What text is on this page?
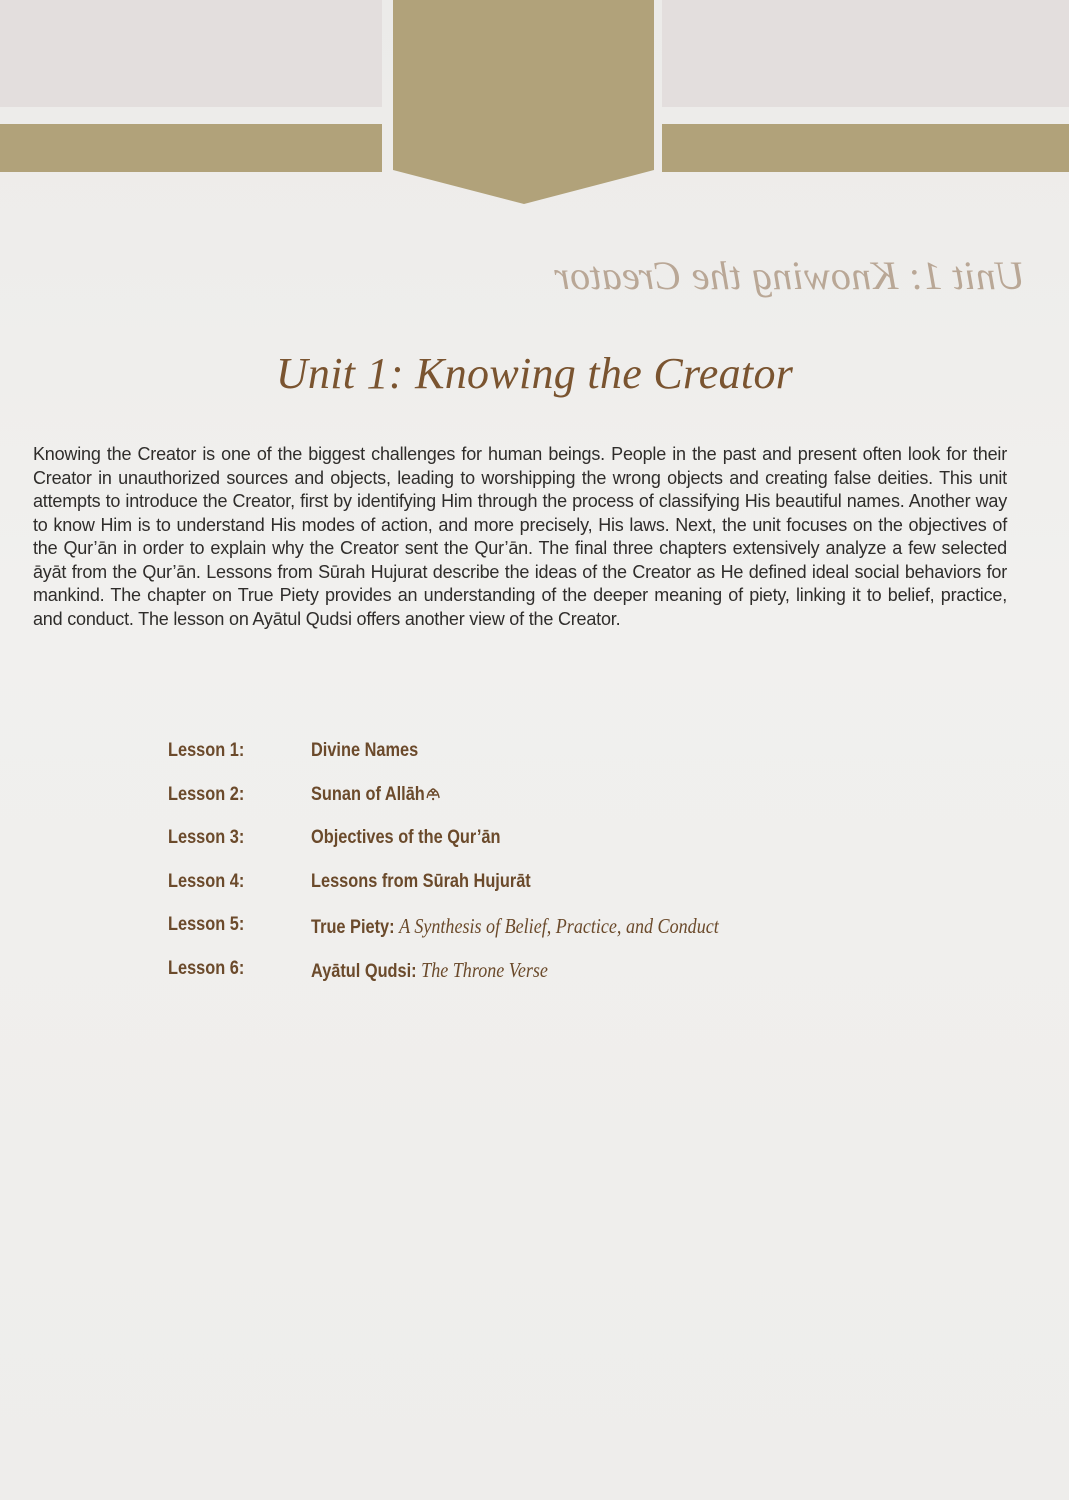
Unit 1: Knowing the Creator
Unit 1: Knowing the Creator
Knowing the Creator is one of the biggest challenges for human beings. People in the past and present often look for their Creator in unauthorized sources and objects, leading to worshipping the wrong objects and creating false deities. This unit attempts to introduce the Creator, first by identifying Him through the process of classifying His beautiful names. Another way to know Him is to understand His modes of action, and more precisely, His laws. Next, the unit focuses on the objectives of the Qur’ān in order to explain why the Creator sent the Qur’ān. The final three chapters extensively analyze a few selected āyāt from the Qur’ān. Lessons from Sūrah Hujurat describe the ideas of the Creator as He defined ideal social behaviors for mankind. The chapter on True Piety provides an understanding of the deeper meaning of piety, linking it to belief, practice, and conduct. The lesson on Ayātul Qudsi offers another view of the Creator.
Lesson 1:	Divine Names
Lesson 2:	Sunan of Allāh
Lesson 3:	Objectives of the Qur’ān
Lesson 4:	Lessons from Sūrah Hujurāt
Lesson 5:	True Piety: A Synthesis of Belief, Practice, and Conduct
Lesson 6:	Ayātul Qudsi: The Throne Verse
